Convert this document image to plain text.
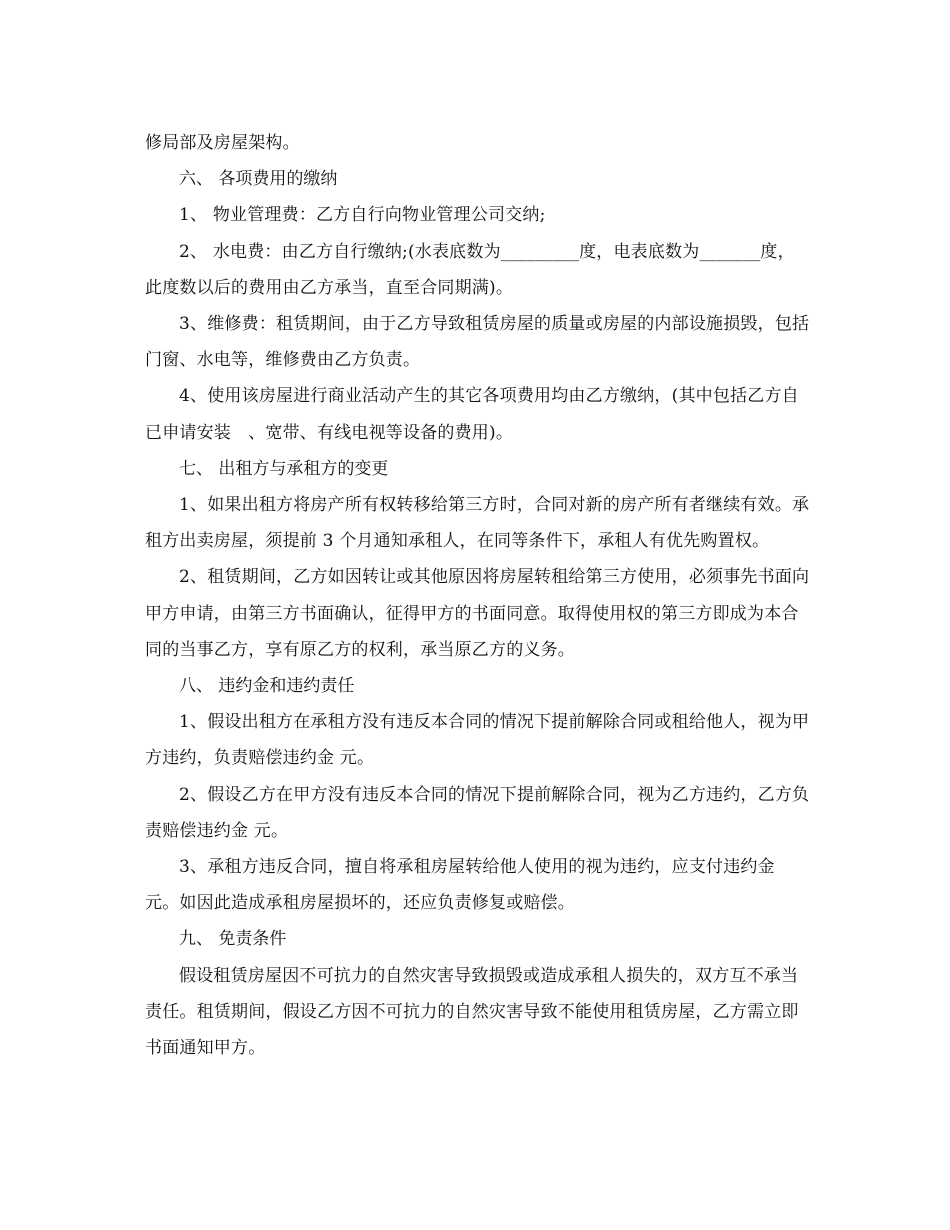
修局部及房屋架构。

六、 各项费用的缴纳

1、 物业管理费：乙方自行向物业管理公司交纳;

2、 水电费：由乙方自行缴纳;(水表底数为_________度，电表底数为_______度，此度数以后的费用由乙方承当，直至合同期满)。

3、维修费：租赁期间，由于乙方导致租赁房屋的质量或房屋的内部设施损毁，包括门窗、水电等，维修费由乙方负责。

4、使用该房屋进行商业活动产生的其它各项费用均由乙方缴纳，(其中包括乙方自已申请安装　、宽带、有线电视等设备的费用)。

七、 出租方与承租方的变更

1、如果出租方将房产所有权转移给第三方时，合同对新的房产所有者继续有效。承租方出卖房屋，须提前 3 个月通知承租人，在同等条件下，承租人有优先购置权。

2、租赁期间，乙方如因转让或其他原因将房屋转租给第三方使用，必须事先书面向甲方申请，由第三方书面确认，征得甲方的书面同意。取得使用权的第三方即成为本合同的当事乙方，享有原乙方的权利，承当原乙方的义务。

八、 违约金和违约责任

1、假设出租方在承租方没有违反本合同的情况下提前解除合同或租给他人，视为甲方违约，负责赔偿违约金 元。

2、假设乙方在甲方没有违反本合同的情况下提前解除合同，视为乙方违约，乙方负责赔偿违约金 元。

3、承租方违反合同，擅自将承租房屋转给他人使用的视为违约，应支付违约金 元。如因此造成承租房屋损坏的，还应负责修复或赔偿。

九、 免责条件

假设租赁房屋因不可抗力的自然灾害导致损毁或造成承租人损失的，双方互不承当责任。租赁期间，假设乙方因不可抗力的自然灾害导致不能使用租赁房屋，乙方需立即书面通知甲方。
